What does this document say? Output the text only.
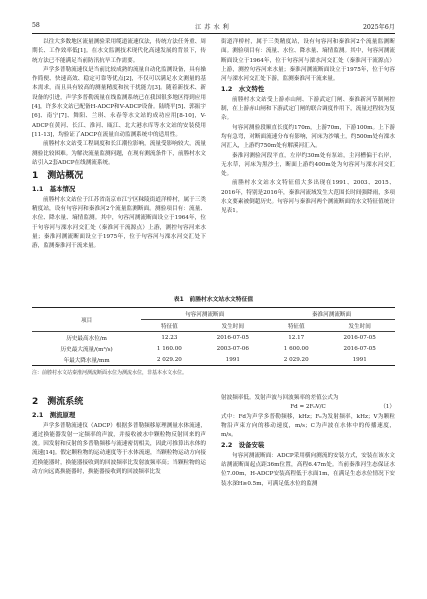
58	江苏水利	2025年6月

以往大多数地区流量测验采用缆道流速仪法，传统方法任务重、周期长、工作效率低[1]。在水文监测技术现代化高速发展的背景下，传统方法已不能满足当前防汛抗旱工作需要。

声学多普勒流速仪是当前比较成熟的流量自动化监测设备，具有操作简便、快速高效、稳定可靠等优点[2]，不仅可以满足水文测量的基本需求，而且具有较高的测量精度和抗干扰能力[3]。随着新技术、新设备的引进，声学多普勒流量在线监测系统已在我国很多地区得到应用[4]，许多水文站已配备H-ADCP和V-ADCP设备。陆晓平[5]、郭振宇[6]、南宁[7]、舞阳、兰琪、永春等水文站的成功应用[8-10]，V-ADCP在黄河、长江、淮河、瓯江、北大港水库等水文站的安装使用[11-13]，均验证了ADCP在流量自动监测系统中的适用性。

前塍村水文站受工程调度和长江潮位影响，流量受影响较大，流量测验比较困难。为解决流量监测问题，在现有测流条件下，前塍村水文站引入2套ADCP在线测流系统。

1　测站概况
1.1　基本情况

前塍村水文站位于江苏省南京市江宁区秣陵街道洋桥村，属于三类精度站，设有句容河和秦淮河2个流量监测断面。测验项目有：流量、水位、降水量、墒情监测。其中，句容河测流断面设立于1964年，位于句容河与溧水河交汇处（秦淮河干流源点）上游，测控句容河来水量；秦淮河测流断面设立于1975年，位于句容河与溧水河交汇处下游，监测秦淮河干流来量。

街道洋桥村，属于三类精度站，设有句容河和秦淮河2个流量监测断面。测验项目有：流量、水位、降水量、墒情监测。其中，句容河测流断面设立于1964年，位于句容河与溧水河交汇处（秦淮河干流源点）上游，测控句容河来水量；秦淮河测流断面设立于1975年，位于句容河与溧水河交汇处下游，监测秦淮河干流来量。

1.2　水文特性

前塍村水文站受上游赤山闸、下游武定门闸、秦淮新河节制闸控制，在上游赤山闸和下游武定门闸的联合调度作用下，流量过程较为复杂。

句容河测验段顺直长度约170m，上游70m，下游100m。上下游均有急弯，对断面流速分布有影响，河床为沙壤土，约500m处有溧水河汇入，上游约750m处有解溪河汇入。

秦淮河测验河段平直，左岸约30m处有泵站，主河槽偏于右岸，无水草，河床为黑沙土，断面上游约400m处为句容河与溧水河交汇处。

前塍村水文站水文特征值大多出现在1991、2003、2015、2016年，特别是2016年，秦淮河流域发生大范围长时间强降雨，多项水文要素被倒超历史。句容河与秦淮河两个测流断面的水文特征值统计见表1。

表1　前塍村水文站水文特征值
项目	句容河测流断面		秦淮河测流断面	
	特征值	发生时间	特征值	发生时间
历史最高水位/m	12.23	2016-07-05	12.17	2016-07-05
历史最大流量/(m³/s)	1 160.00	2003-07-06	1 600.00	2016-07-05
年最大降水量/mm	2 029.20	1991	2 029.20	1991
注：前塍村水文站秦淮河测流断面水位为测流水位，非基本水文水位。
2　测流系统
2.1　测流原理

声学多普勒流速仪（ADCP）根据多普勒频移原理测量水体流速，通过换能器发射一定频率的声波，并接收被水中颗粒物反射回来的声波。因发射和反射的多普勒频移与流速密切相关，因此可推算出水体的流速[14]。假定颗粒物的运动速度等于水体流速，当颗粒物运动方向接近换能器时，换能器接收到的回波频率比发射波频率高；当颗粒物的运动方向远离换能器时，换能器接收到的回波频率比发

射波频率低。发射声波与回波频率的差值公式为

Fd = 2F₀V/C	（1）

式中：Fd为声学多普勒频移，kHz；F₀为发射频率，kHz；V为颗粒物沿声束方向的移动速度，m/s；C为声波在水体中的传播速度，m/s。

2.2　设备安装

句容河测流断面：ADCP采用横向测流的安装方式，安装在该水文站测流断面起点距36m位置，高程6.47m处。当前秦淮河生态保证水位7.00m，H-ADCP安装高程低于水面1m，在满足生态水位情况下安装水深H≥0.5m，可满足低水位的监测
